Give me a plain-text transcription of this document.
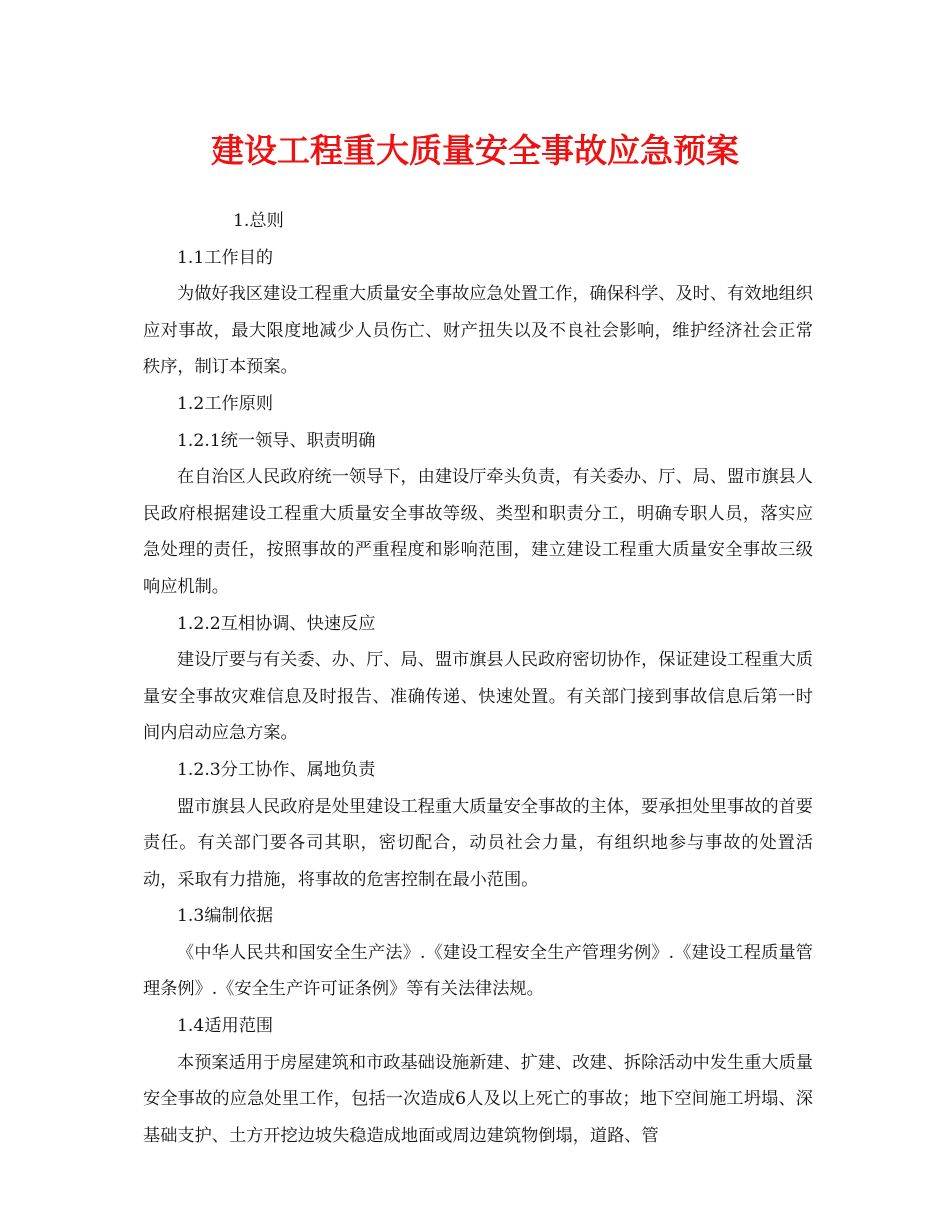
建设工程重大质量安全事故应急预案

1.总则

1.1工作目的

为做好我区建设工程重大质量安全事故应急处置工作，确保科学、及时、有效地组织应对事故，最大限度地减少人员伤亡、财产扭失以及不良社会影响，维护经济社会正常秩序，制订本预案。

1.2工作原则

1.2.1统一领导、职责明确

在自治区人民政府统一领导下，由建设厅牵头负责，有关委办、厅、局、盟市旗县人民政府根据建设工程重大质量安全事故等级、类型和职责分工，明确专职人员，落实应急处理的责任，按照事故的严重程度和影响范围，建立建设工程重大质量安全事故三级响应机制。

1.2.2互相协调、快速反应

建设厅要与有关委、办、厅、局、盟市旗县人民政府密切协作，保证建设工程重大质量安全事故灾难信息及时报告、准确传递、快速处置。有关部门接到事故信息后第一时间内启动应急方案。

1.2.3分工协作、属地负责

盟市旗县人民政府是处里建设工程重大质量安全事故的主体，要承担处里事故的首要责任。有关部门要各司其职，密切配合，动员社会力量，有组织地参与事故的处置活动，采取有力措施，将事故的危害控制在最小范围。

1.3编制依据

《中华人民共和国安全生产法》.《建设工程安全生产管理劣例》.《建设工程质量管理条例》.《安全生产许可证条例》等有关法律法规。

1.4适用范围

本预案适用于房屋建筑和市政基础设施新建、扩建、改建、拆除活动中发生重大质量安全事故的应急处里工作，包括一次造成6人及以上死亡的事故；地下空间施工坍塌、深基础支护、土方开挖边坡失稳造成地面或周边建筑物倒塌，道路、管
